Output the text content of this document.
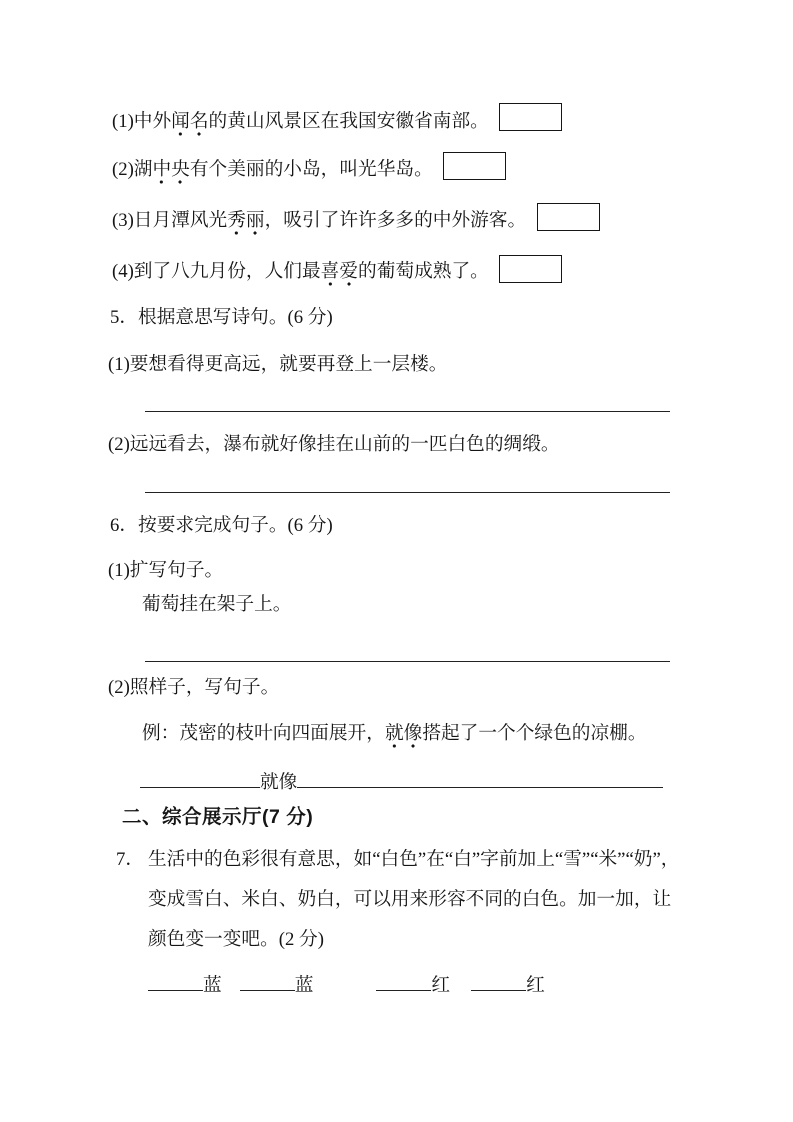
(1)中外闻名的黄山风景区在我国安徽省南部。
(2)湖中央有个美丽的小岛，叫光华岛。
(3)日月潭风光秀丽，吸引了许许多多的中外游客。
(4)到了八九月份，人们最喜爱的葡萄成熟了。
5．根据意思写诗句。(6 分)
(1)要想看得更高远，就要再登上一层楼。
(2)远远看去，瀑布就好像挂在山前的一匹白色的绸缎。
6．按要求完成句子。(6 分)
(1)扩写句子。
葡萄挂在架子上。
(2)照样子，写句子。
例：茂密的枝叶向四面展开，就像搭起了一个个绿色的凉棚。
就像
二、综合展示厅(7 分)
7． 生活中的色彩很有意思，如“白色”在“白”字前加上“雪”“米”“奶”，
变成雪白、米白、奶白，可以用来形容不同的白色。加一加，让
颜色变一变吧。(2 分)
蓝	蓝	红	红
